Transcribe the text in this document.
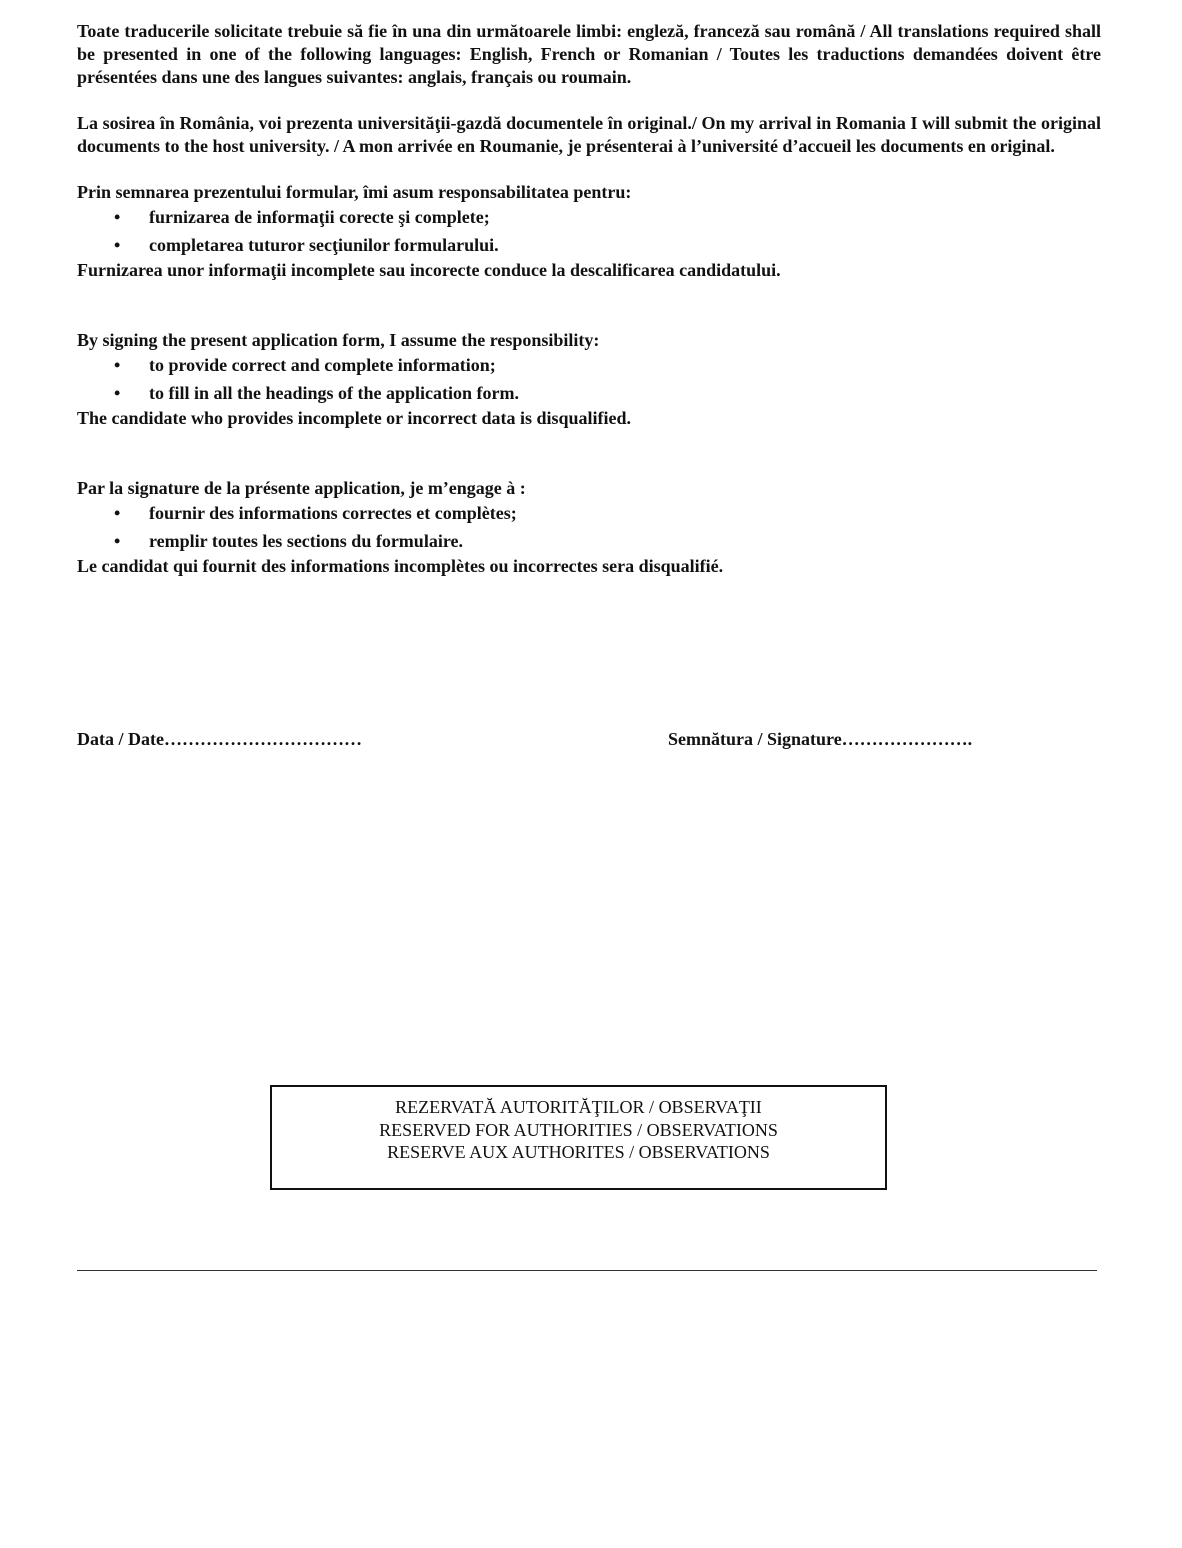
Toate traducerile solicitate trebuie să fie în una din următoarele limbi: engleză, franceză sau română / All translations required shall be presented in one of the following languages: English, French or Romanian / Toutes les traductions demandées doivent être présentées dans une des langues suivantes: anglais, français ou roumain.

La sosirea în România, voi prezenta universităţii-gazdă documentele în original./ On my arrival in Romania I will submit the original documents to the host university. / A mon arrivée en Roumanie, je présenterai à l’université d’accueil les documents en original.

Prin semnarea prezentului formular, îmi asum responsabilitatea pentru:

• furnizarea de informaţii corecte şi complete;
• completarea tuturor secţiunilor formularului.

Furnizarea unor informaţii incomplete sau incorecte conduce la descalificarea candidatului.

By signing the present application form, I assume the responsibility:

• to provide correct and complete information;
• to fill in all the headings of the application form.

The candidate who provides incomplete or incorrect data is disqualified.

Par la signature de la présente application, je m’engage à :

• fournir des informations correctes et complètes;
• remplir toutes les sections du formulaire.

Le candidat qui fournit des informations incomplètes ou incorrectes sera disqualifié.

Data / Date……………………………	Semnătura / Signature………………….
REZERVATĂ AUTORITĂŢILOR / OBSERVAŢII
RESERVED FOR AUTHORITIES / OBSERVATIONS
RESERVE AUX AUTHORITES / OBSERVATIONS
